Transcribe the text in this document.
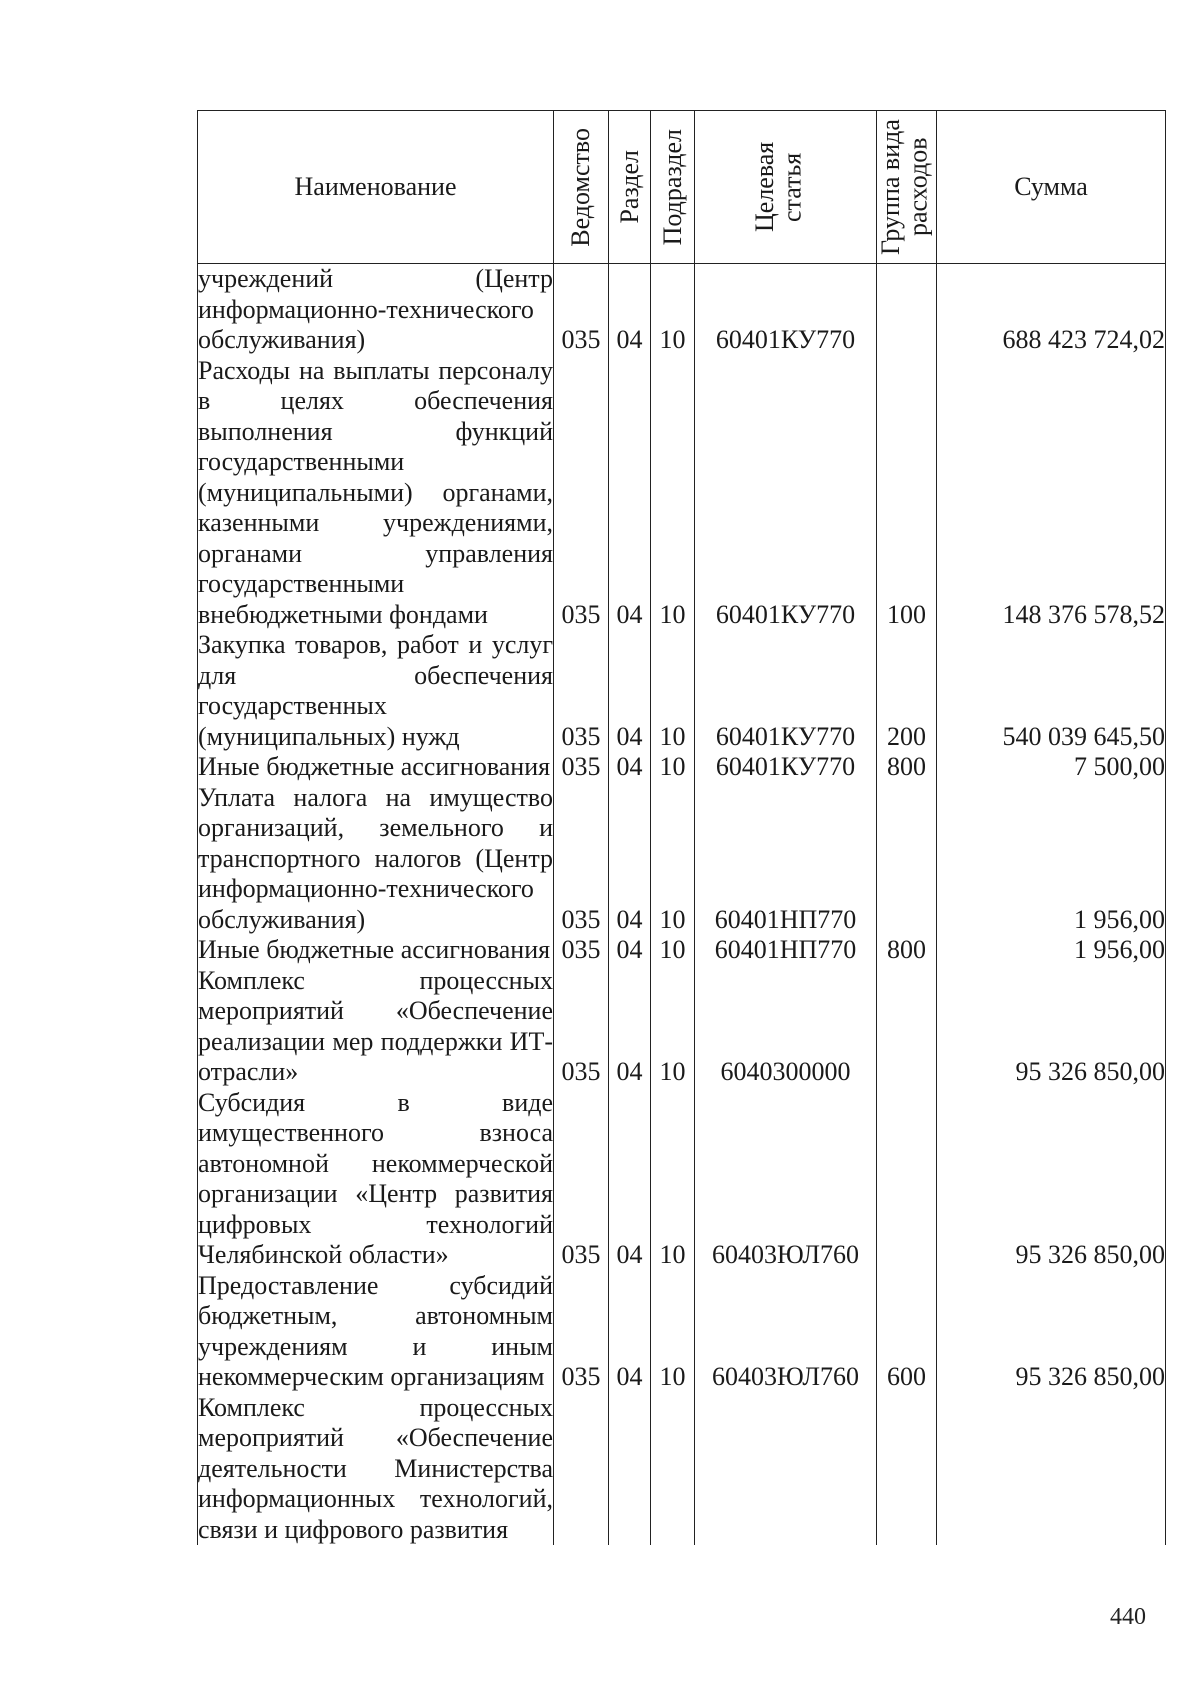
Наименование	Ведомство	Раздел	Подраздел	Целевая статья	Группа вида расходов	Сумма
учреждений (Центр информационно-технического обслуживания)	035	04	10	60401КУ770		688 423 724,02
Расходы на выплаты персоналу в целях обеспечения выполнения функций государственными (муниципальными) органами, казенными учреждениями, органами управления государственными внебюджетными фондами	035	04	10	60401КУ770	100	148 376 578,52
Закупка товаров, работ и услуг для обеспечения государственных (муниципальных) нужд	035	04	10	60401КУ770	200	540 039 645,50
Иные бюджетные ассигнования	035	04	10	60401КУ770	800	7 500,00
Уплата налога на имущество организаций, земельного и транспортного налогов (Центр информационно-технического обслуживания)	035	04	10	60401НП770		1 956,00
Иные бюджетные ассигнования	035	04	10	60401НП770	800	1 956,00
Комплекс процессных мероприятий «Обеспечение реализации мер поддержки ИТ-отрасли»	035	04	10	6040300000		95 326 850,00
Субсидия в виде имущественного взноса автономной некоммерческой организации «Центр развития цифровых технологий Челябинской области»	035	04	10	60403ЮЛ760		95 326 850,00
Предоставление субсидий бюджетным, автономным учреждениям и иным некоммерческим организациям	035	04	10	60403ЮЛ760	600	95 326 850,00
Комплекс процессных мероприятий «Обеспечение деятельности Министерства информационных технологий, связи и цифрового развития						
440
